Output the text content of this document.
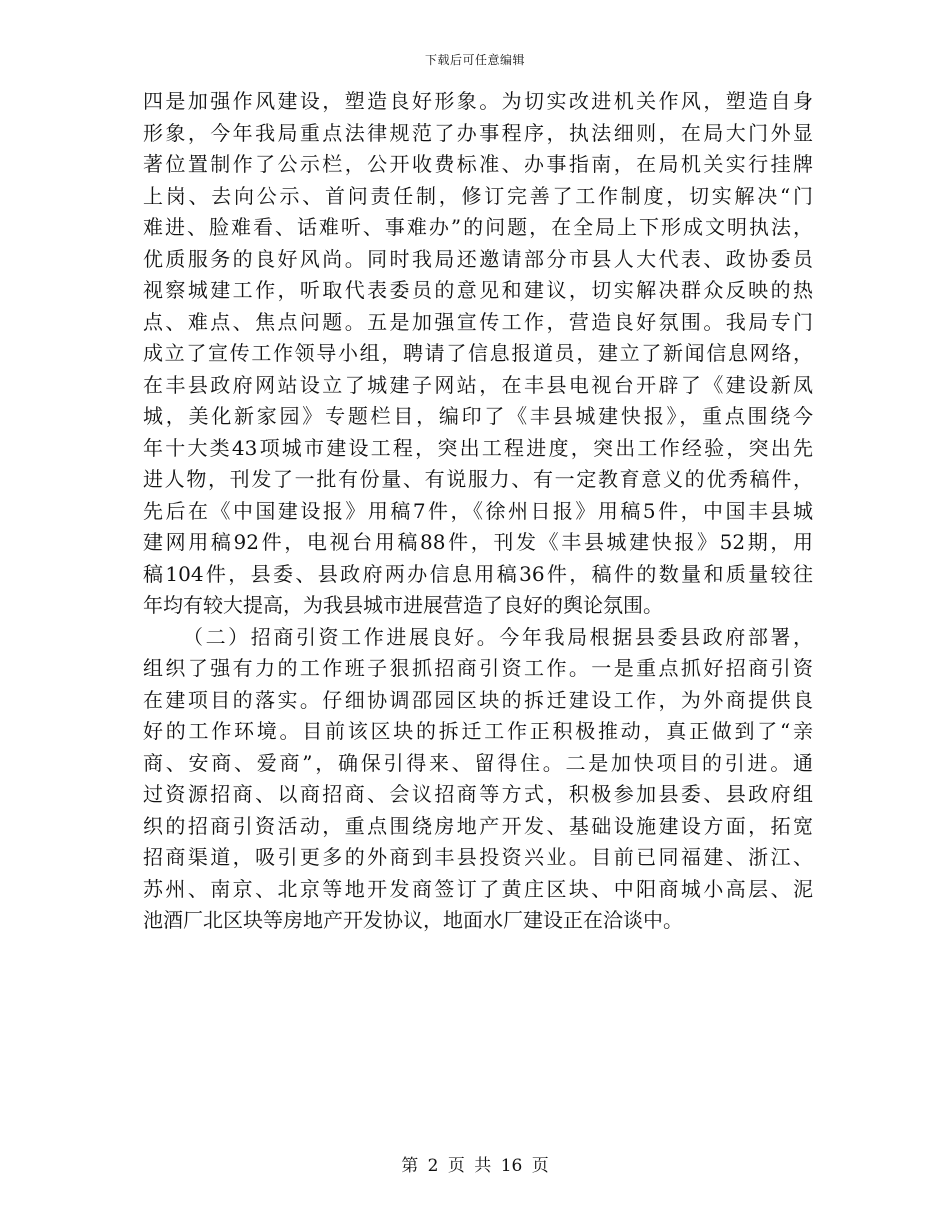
下载后可任意编辑
四是加强作风建设，塑造良好形象。为切实改进机关作风，塑造自身
形象，今年我局重点法律规范了办事程序，执法细则，在局大门外显
著位置制作了公示栏，公开收费标准、办事指南，在局机关实行挂牌
上岗、去向公示、首问责任制，修订完善了工作制度，切实解决“门
难进、脸难看、话难听、事难办”的问题，在全局上下形成文明执法，
优质服务的良好风尚。同时我局还邀请部分市县人大代表、政协委员
视察城建工作，听取代表委员的意见和建议，切实解决群众反映的热
点、难点、焦点问题。五是加强宣传工作，营造良好氛围。我局专门
成立了宣传工作领导小组，聘请了信息报道员，建立了新闻信息网络，
在丰县政府网站设立了城建子网站，在丰县电视台开辟了《建设新凤
城，美化新家园》专题栏目，编印了《丰县城建快报》，重点围绕今
年十大类43项城市建设工程，突出工程进度，突出工作经验，突出先
进人物，刊发了一批有份量、有说服力、有一定教育意义的优秀稿件，
先后在《中国建设报》用稿7件，《徐州日报》用稿5件，中国丰县城
建网用稿92件，电视台用稿88件，刊发《丰县城建快报》52期，用
稿104件，县委、县政府两办信息用稿36件，稿件的数量和质量较往
年均有较大提高，为我县城市进展营造了良好的舆论氛围。
（二）招商引资工作进展良好。今年我局根据县委县政府部署，
组织了强有力的工作班子狠抓招商引资工作。一是重点抓好招商引资
在建项目的落实。仔细协调邵园区块的拆迁建设工作，为外商提供良
好的工作环境。目前该区块的拆迁工作正积极推动，真正做到了“亲
商、安商、爱商”，确保引得来、留得住。二是加快项目的引进。通
过资源招商、以商招商、会议招商等方式，积极参加县委、县政府组
织的招商引资活动，重点围绕房地产开发、基础设施建设方面，拓宽
招商渠道，吸引更多的外商到丰县投资兴业。目前已同福建、浙江、
苏州、南京、北京等地开发商签订了黄庄区块、中阳商城小高层、泥
池酒厂北区块等房地产开发协议，地面水厂建设正在洽谈中。
第 2 页 共 16 页
